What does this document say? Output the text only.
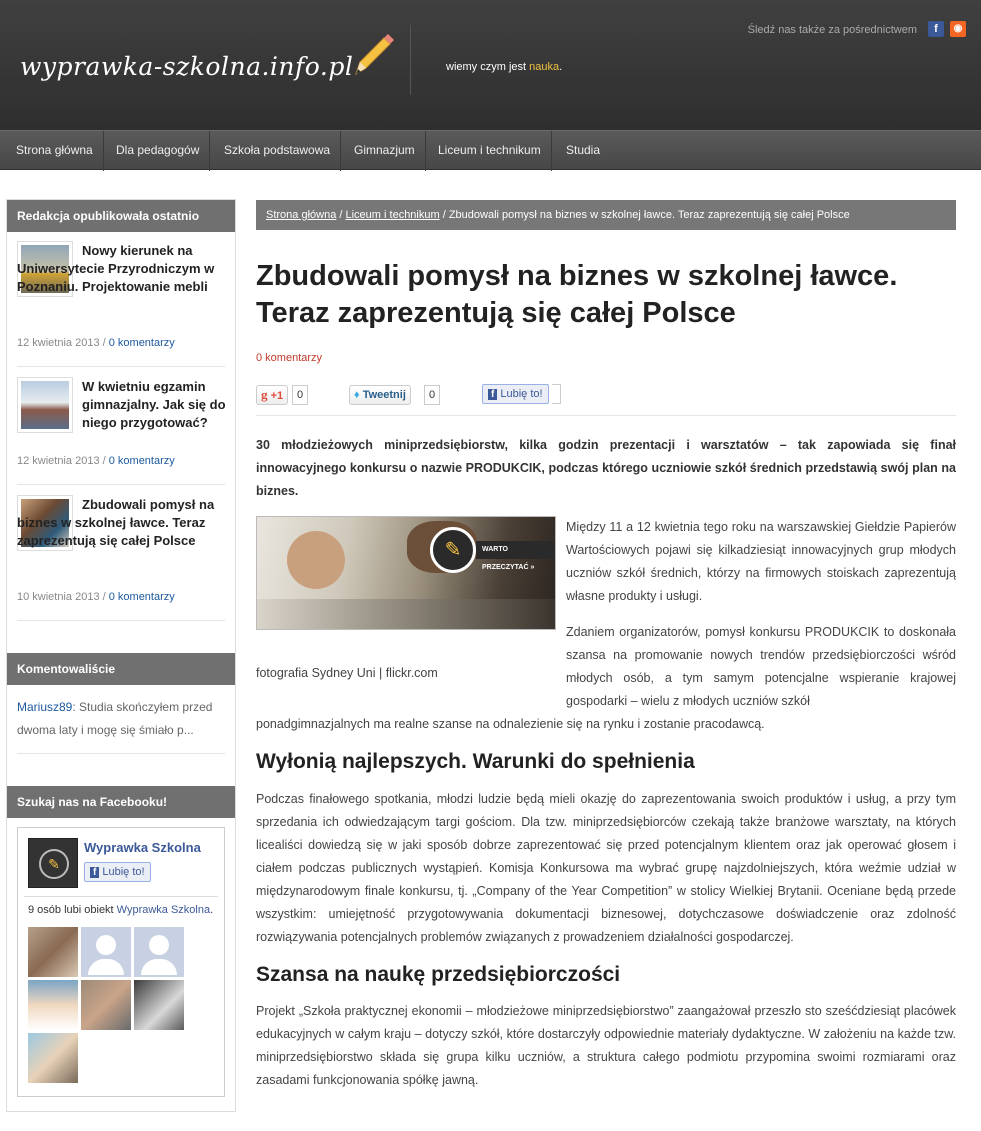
wyprawka-szkolna.info.pl	wiemy czym jest nauka.
Śledź nas także za pośrednictwem	f	◉
Strona główna	Dla pedagogów	Szkoła podstawowa	Gimnazjum	Liceum i technikum	Studia
Redakcja opublikowała ostatnio
Nowy kierunek na Uniwersytecie Przyrodniczym w Poznaniu. Projektowanie mebli
12 kwietnia 2013 / 0 komentarzy
W kwietniu egzamin gimnazjalny. Jak się do niego przygotować?
12 kwietnia 2013 / 0 komentarzy
Zbudowali pomysł na biznes w szkolnej ławce. Teraz zaprezentują się całej Polsce
10 kwietnia 2013 / 0 komentarzy
Komentowaliście
Mariusz89: Studia skończyłem przed dwoma laty i mogę się śmiało p...
Szukaj nas na Facebooku!
✎
Wyprawka Szkolna
f Lubię to!
9 osób lubi obiekt Wyprawka Szkolna.
Strona główna / Liceum i technikum / Zbudowali pomysł na biznes w szkolnej ławce. Teraz zaprezentują się całej Polsce
Zbudowali pomysł na biznes w szkolnej ławce. Teraz zaprezentują się całej Polsce
0 komentarzy
g +1	0	♦ Tweetnij	0	f Lubię to!
30 młodzieżowych miniprzedsiębiorstw, kilka godzin prezentacji i warsztatów – tak zapowiada się finał innowacyjnego konkursu o nazwie PRODUKCIK, podczas którego uczniowie szkół średnich przedstawią swój plan na biznes.
✎	WARTO PRZECZYTAĆ »
Między 11 a 12 kwietnia tego roku na warszawskiej Giełdzie Papierów Wartościowych pojawi się kilkadziesiąt innowacyjnych grup młodych uczniów szkół średnich, którzy na firmowych stoiskach zaprezentują własne produkty i usługi.
Zdaniem organizatorów, pomysł konkursu PRODUKCIK to doskonała szansa na promowanie nowych trendów przedsiębiorczości wśród młodych osób, a tym samym potencjalne wspieranie krajowej gospodarki – wielu z młodych uczniów szkół
fotografia Sydney Uni | flickr.com
ponadgimnazjalnych ma realne szanse na odnalezienie się na rynku i zostanie pracodawcą.
Wyłonią najlepszych. Warunki do spełnienia
Podczas finałowego spotkania, młodzi ludzie będą mieli okazję do zaprezentowania swoich produktów i usług, a przy tym sprzedania ich odwiedzającym targi gościom. Dla tzw. miniprzedsiębiorców czekają także branżowe warsztaty, na których licealiści dowiedzą się w jaki sposób dobrze zaprezentować się przed potencjalnym klientem oraz jak operować głosem i ciałem podczas publicznych wystąpień. Komisja Konkursowa ma wybrać grupę najzdolniejszych, która weźmie udział w międzynarodowym finale konkursu, tj. „Company of the Year Competition” w stolicy Wielkiej Brytanii. Oceniane będą przede wszystkim: umiejętność przygotowywania dokumentacji biznesowej, dotychczasowe doświadczenie oraz zdolność rozwiązywania potencjalnych problemów związanych z prowadzeniem działalności gospodarczej.
Szansa na naukę przedsiębiorczości
Projekt „Szkoła praktycznej ekonomii – młodzieżowe miniprzedsiębiorstwo” zaangażował przeszło sto sześćdziesiąt placówek edukacyjnych w całym kraju – dotyczy szkół, które dostarczyły odpowiednie materiały dydaktyczne. W założeniu na każde tzw. miniprzedsiębiorstwo składa się grupa kilku uczniów, a struktura całego podmiotu przypomina swoimi rozmiarami oraz zasadami funkcjonowania spółkę jawną.
